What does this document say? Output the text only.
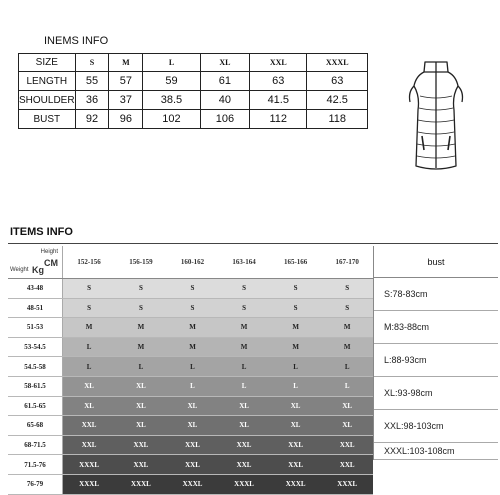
INEMS INFO
SIZE	S	M	L	XL	XXL	XXXL
LENGTH	55	57	59	61	63	63
SHOULDER	36	37	38.5	40	41.5	42.5
BUST	92	96	102	106	112	118
ITEMS INFO
Height
CM
Weight Kg	152-156	156-159	160-162	163-164	165-166	167-170
43-48	S	S	S	S	S	S
48-51	S	S	S	S	S	S
51-53	M	M	M	M	M	M
53-54.5	L	M	M	M	M	M
54.5-58	L	L	L	L	L	L
58-61.5	XL	XL	L	L	L	L
61.5-65	XL	XL	XL	XL	XL	XL
65-68	XXL	XL	XL	XL	XL	XL
68-71.5	XXL	XXL	XXL	XXL	XXL	XXL
71.5-76	XXXL	XXL	XXL	XXL	XXL	XXL
76-79	XXXL	XXXL	XXXL	XXXL	XXXL	XXXL
bust
S:78-83cm
M:83-88cm
L:88-93cm
XL:93-98cm
XXL:98-103cm
XXXL:103-108cm
